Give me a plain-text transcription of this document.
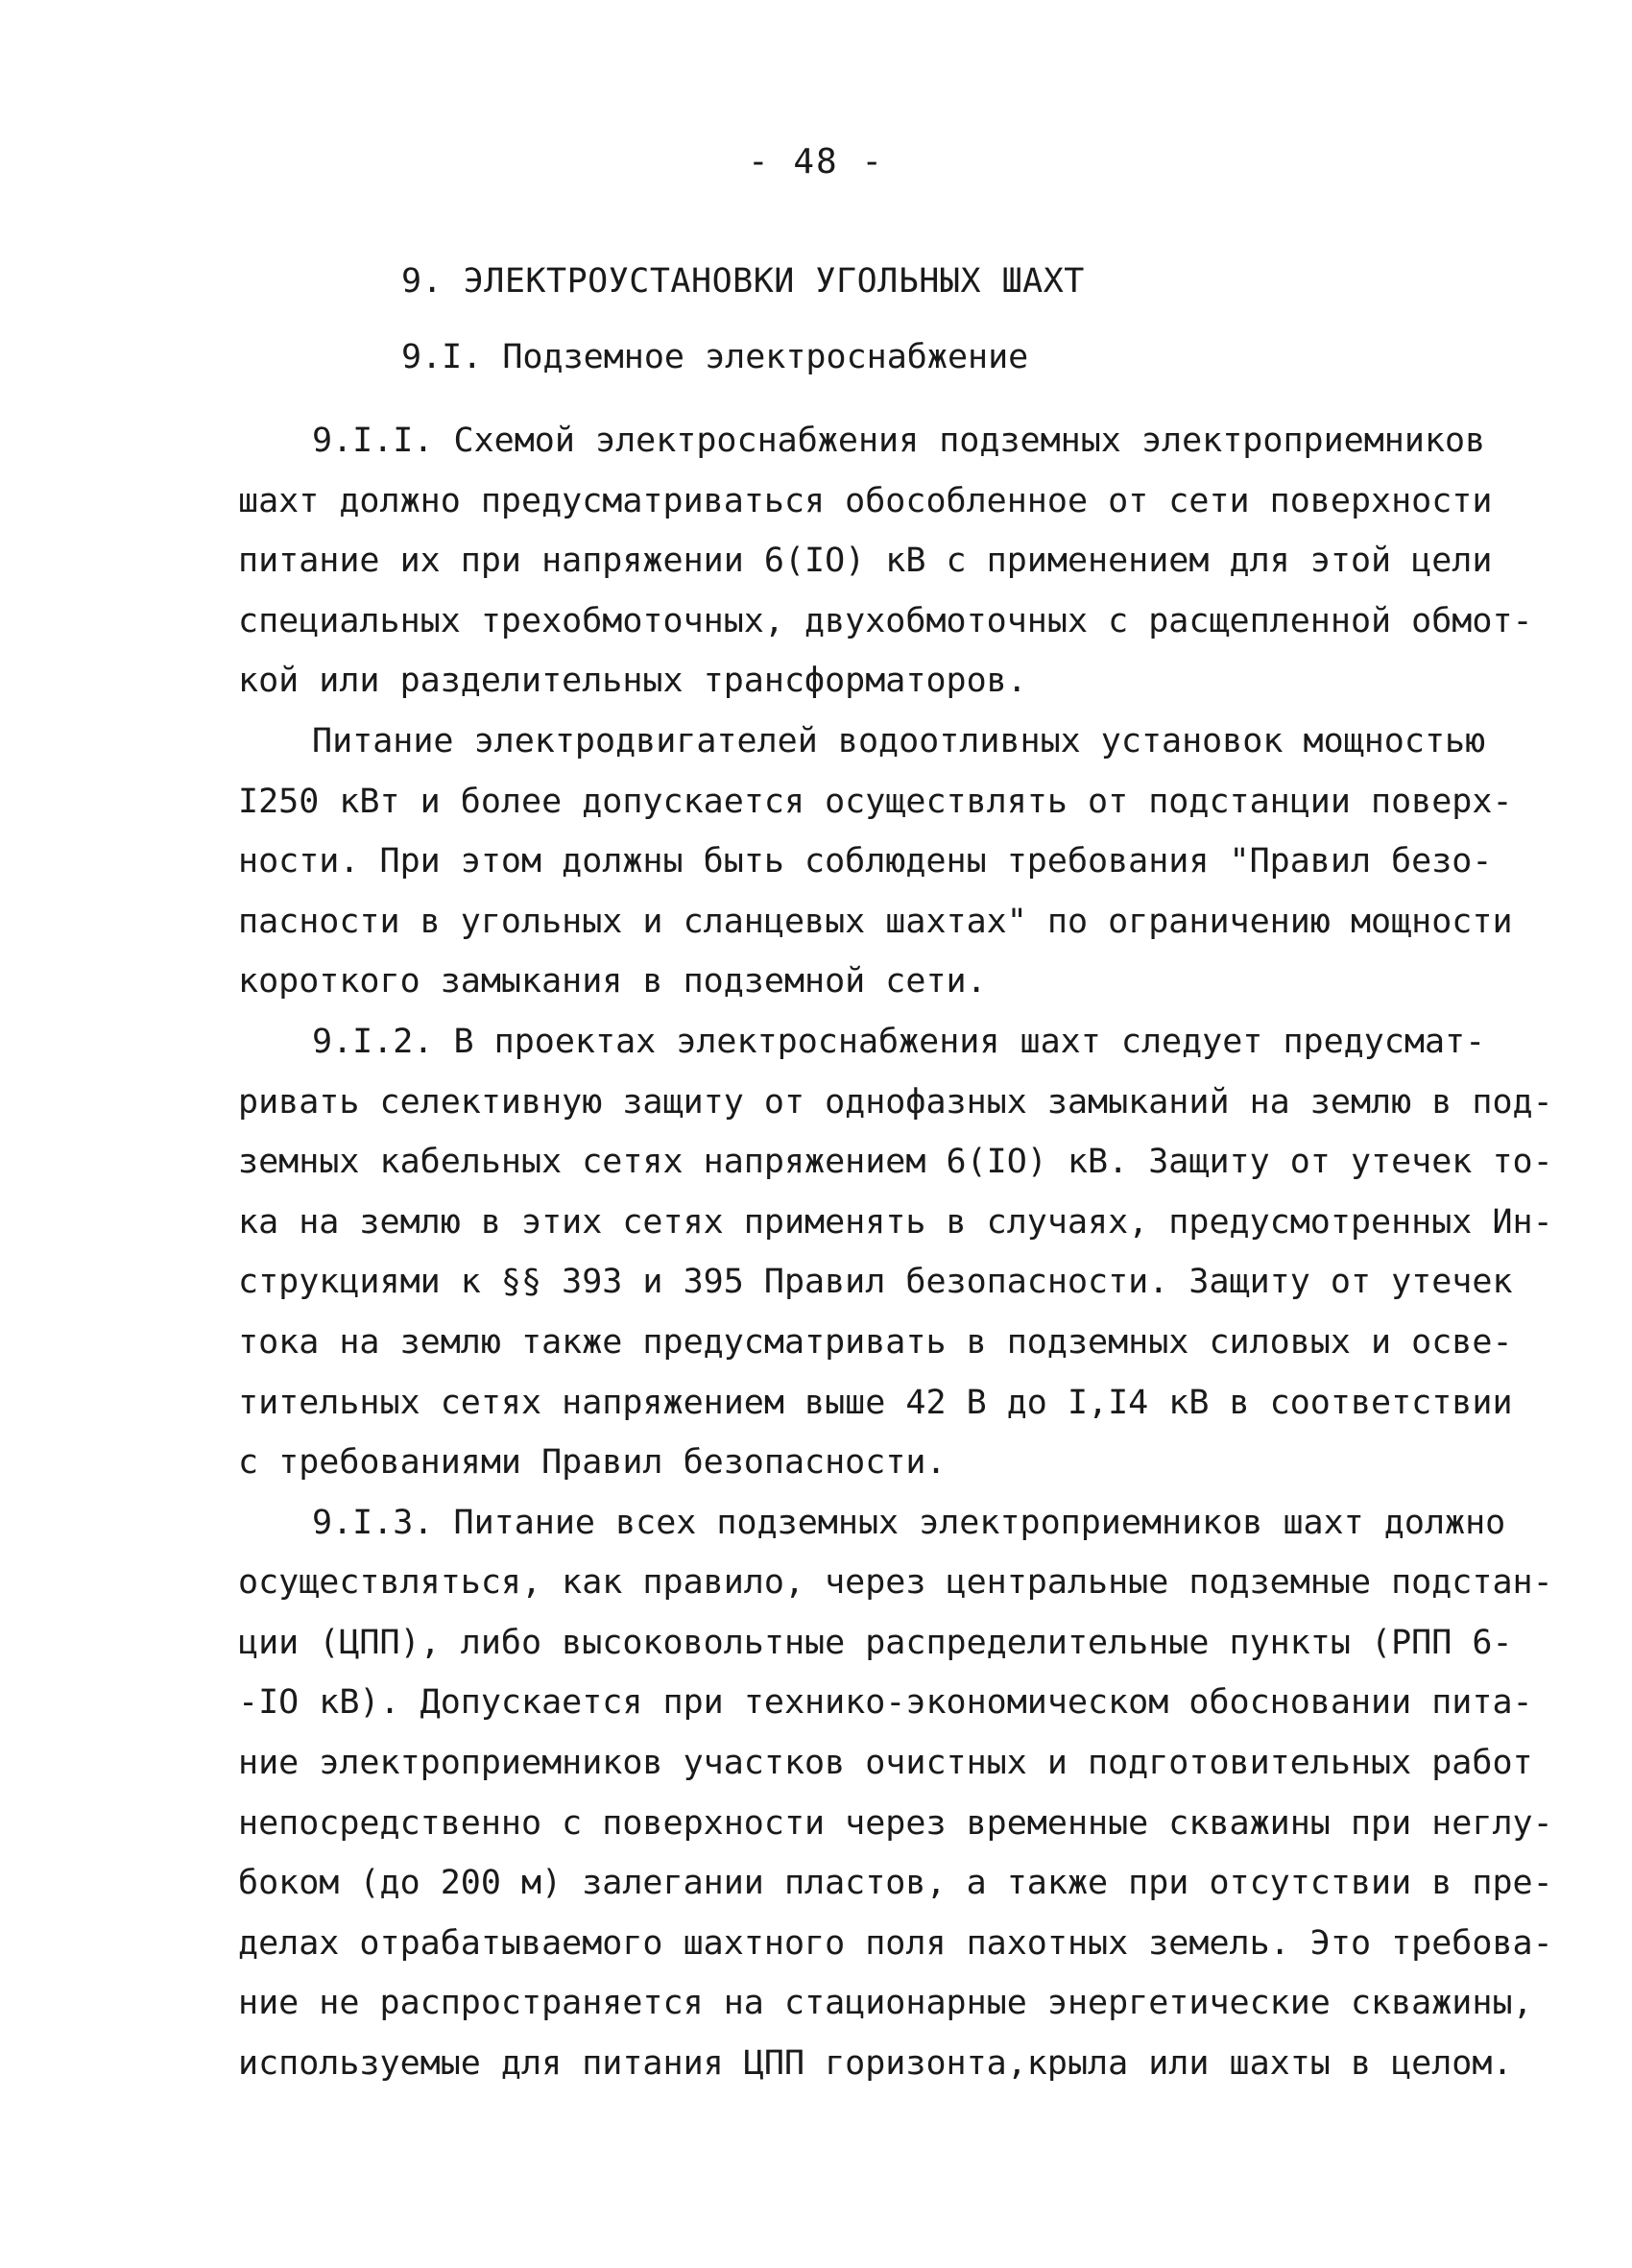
- 48 -
9. ЭЛЕКТРОУСТАНОВКИ УГОЛЬНЫХ ШАХТ
9.I. Подземное электроснабжение
9.I.I. Схемой электроснабжения подземных электроприемников
шахт должно предусматриваться обособленное от сети поверхности
питание их при напряжении 6(IO) кВ с применением для этой цели
специальных трехобмоточных, двухобмоточных с расщепленной обмот-
кой или разделительных трансформаторов.
Питание электродвигателей водоотливных установок мощностью
I250 кВт и более допускается осуществлять от подстанции поверх-
ности. При этом должны быть соблюдены требования "Правил безо-
пасности в угольных и сланцевых шахтах" по ограничению мощности
короткого замыкания в подземной сети.
9.I.2. В проектах электроснабжения шахт следует предусмат-
ривать селективную защиту от однофазных замыканий на землю в под-
земных кабельных сетях напряжением 6(IO) кВ. Защиту от утечек то-
ка на землю в этих сетях применять в случаях, предусмотренных Ин-
струкциями к §§ 393 и 395 Правил безопасности. Защиту от утечек
тока на землю также предусматривать в подземных силовых и осве-
тительных сетях напряжением выше 42 В до I,I4 кВ в соответствии
с требованиями Правил безопасности.
9.I.3. Питание всех подземных электроприемников шахт должно
осуществляться, как правило, через центральные подземные подстан-
ции (ЦПП), либо высоковольтные распределительные пункты (РПП 6-
-IO кВ). Допускается при технико-экономическом обосновании пита-
ние электроприемников участков очистных и подготовительных работ
непосредственно с поверхности через временные скважины при неглу-
боком (до 200 м) залегании пластов, а также при отсутствии в пре-
делах отрабатываемого шахтного поля пахотных земель. Это требова-
ние не распространяется на стационарные энергетические скважины,
используемые для питания ЦПП горизонта,крыла или шахты в целом.
